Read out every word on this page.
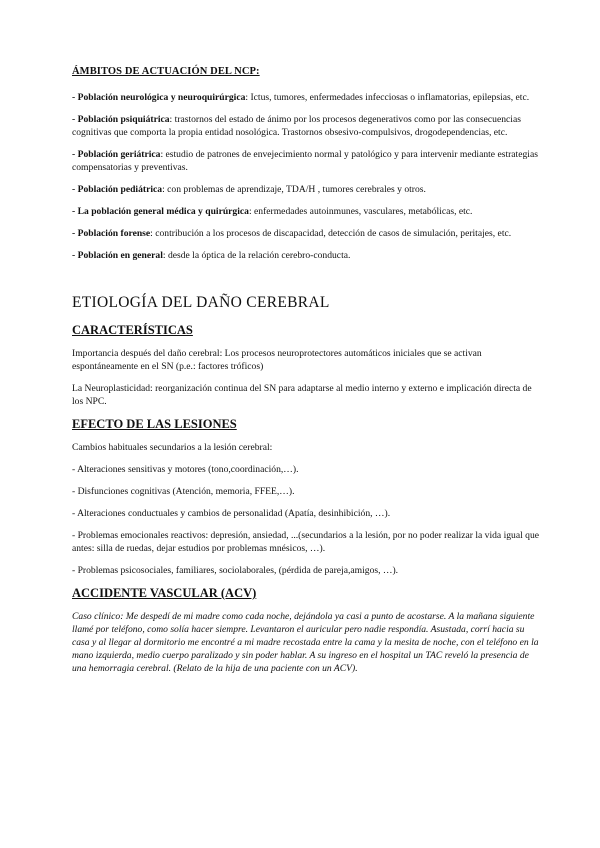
ÁMBITOS DE ACTUACIÓN DEL NCP:

- Población neurológica y neuroquirúrgica: Ictus, tumores, enfermedades infecciosas o inflamatorias, epilepsias, etc.

- Población psiquiátrica: trastornos del estado de ánimo por los procesos degenerativos como por las consecuencias cognitivas que comporta la propia entidad nosológica. Trastornos obsesivo-compulsivos, drogodependencias, etc.

- Población geriátrica: estudio de patrones de envejecimiento normal y patológico y para intervenir mediante estrategias compensatorias y preventivas.

- Población pediátrica: con problemas de aprendizaje, TDA/H , tumores cerebrales y otros.

- La población general médica y quirúrgica: enfermedades autoinmunes, vasculares, metabólicas, etc.

- Población forense: contribución a los procesos de discapacidad, detección de casos de simulación, peritajes, etc.

- Población en general: desde la óptica de la relación cerebro-conducta.

ETIOLOGÍA DEL DAÑO CEREBRAL
CARACTERÍSTICAS

Importancia después del daño cerebral: Los procesos neuroprotectores automáticos iniciales que se activan espontáneamente en el SN (p.e.: factores tróficos)

La Neuroplasticidad: reorganización continua del SN para adaptarse al medio interno y externo e implicación directa de los NPC.

EFECTO DE LAS LESIONES

Cambios habituales secundarios a la lesión cerebral:

- Alteraciones sensitivas y motores (tono,coordinación,…).

- Disfunciones cognitivas (Atención, memoria, FFEE,…).

- Alteraciones conductuales y cambios de personalidad (Apatía, desinhibición, …).

- Problemas emocionales reactivos: depresión, ansiedad, ...(secundarios a la lesión, por no poder realizar la vida igual que antes: silla de ruedas, dejar estudios por problemas mnésicos, …).

- Problemas psicosociales, familiares, sociolaborales, (pérdida de pareja,amigos, …).

ACCIDENTE VASCULAR (ACV)

Caso clínico: Me despedí de mi madre como cada noche, dejándola ya casi a punto de acostarse. A la mañana siguiente llamé por teléfono, como solía hacer siempre. Levantaron el auricular pero nadie respondía. Asustada, corrí hacia su casa y al llegar al dormitorio me encontré a mi madre recostada entre la cama y la mesita de noche, con el teléfono en la mano izquierda, medio cuerpo paralizado y sin poder hablar. A su ingreso en el hospital un TAC reveló la presencia de una hemorragia cerebral. (Relato de la hija de una paciente con un ACV).
